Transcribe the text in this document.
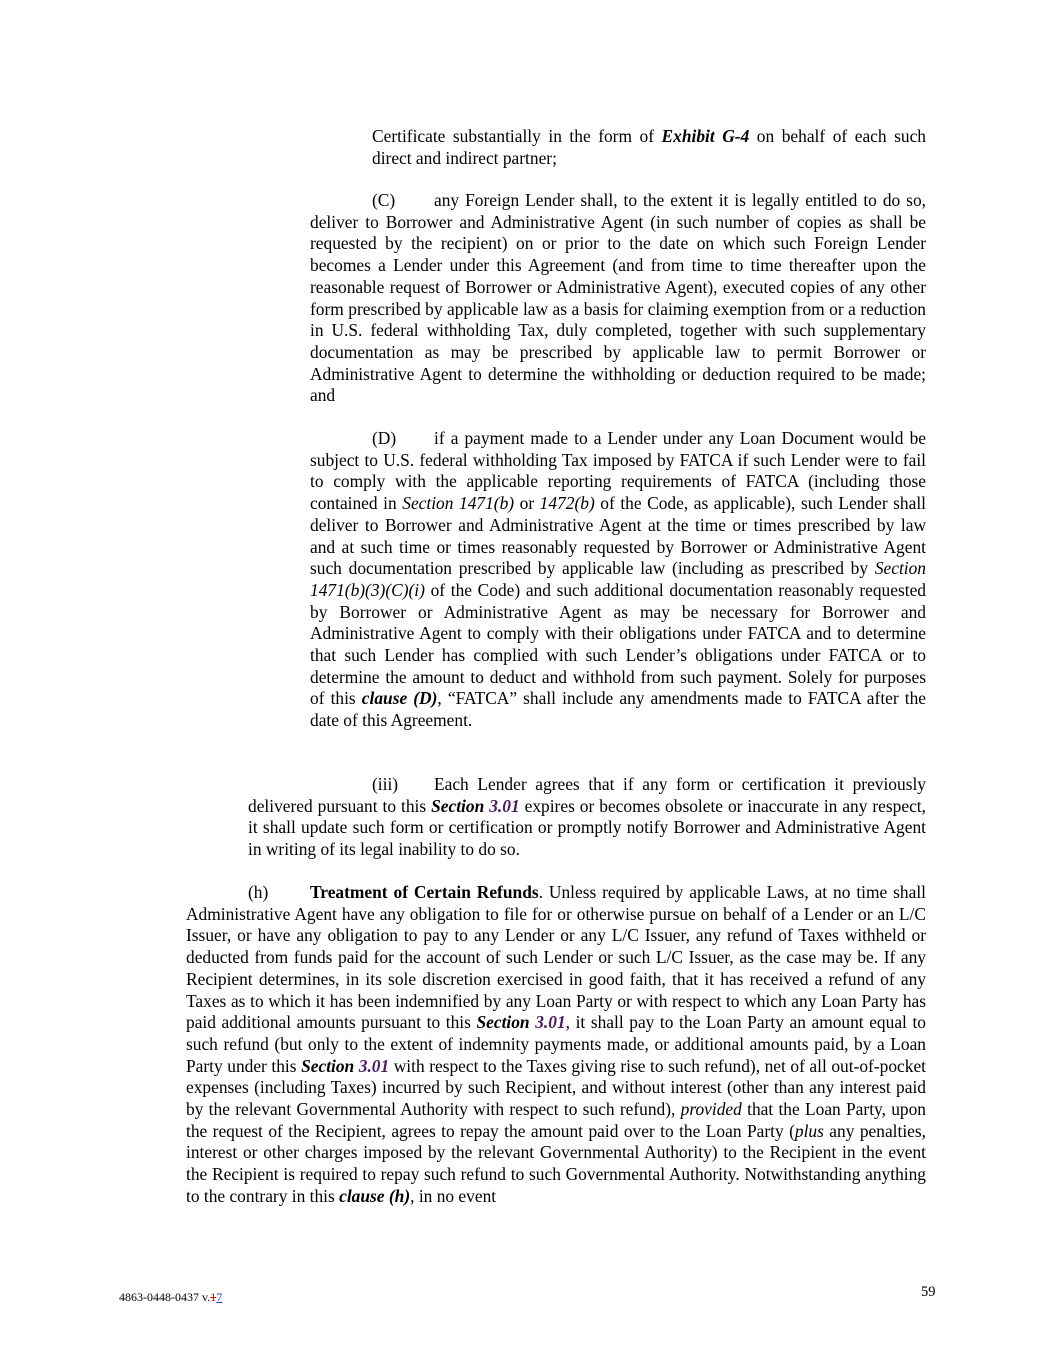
Certificate substantially in the form of Exhibit G-4 on behalf of each such direct and indirect partner;

(C) any Foreign Lender shall, to the extent it is legally entitled to do so, deliver to Borrower and Administrative Agent (in such number of copies as shall be requested by the recipient) on or prior to the date on which such Foreign Lender becomes a Lender under this Agreement (and from time to time thereafter upon the reasonable request of Borrower or Administrative Agent), executed copies of any other form prescribed by applicable law as a basis for claiming exemption from or a reduction in U.S. federal withholding Tax, duly completed, together with such supplementary documentation as may be prescribed by applicable law to permit Borrower or Administrative Agent to determine the withholding or deduction required to be made; and

(D) if a payment made to a Lender under any Loan Document would be subject to U.S. federal withholding Tax imposed by FATCA if such Lender were to fail to comply with the applicable reporting requirements of FATCA (including those contained in Section 1471(b) or 1472(b) of the Code, as applicable), such Lender shall deliver to Borrower and Administrative Agent at the time or times prescribed by law and at such time or times reasonably requested by Borrower or Administrative Agent such documentation prescribed by applicable law (including as prescribed by Section 1471(b)(3)(C)(i) of the Code) and such additional documentation reasonably requested by Borrower or Administrative Agent as may be necessary for Borrower and Administrative Agent to comply with their obligations under FATCA and to determine that such Lender has complied with such Lender’s obligations under FATCA or to determine the amount to deduct and withhold from such payment. Solely for purposes of this clause (D), “FATCA” shall include any amendments made to FATCA after the date of this Agreement.

(iii) Each Lender agrees that if any form or certification it previously delivered pursuant to this Section 3.01 expires or becomes obsolete or inaccurate in any respect, it shall update such form or certification or promptly notify Borrower and Administrative Agent in writing of its legal inability to do so.

(h) Treatment of Certain Refunds. Unless required by applicable Laws, at no time shall Administrative Agent have any obligation to file for or otherwise pursue on behalf of a Lender or an L/C Issuer, or have any obligation to pay to any Lender or any L/C Issuer, any refund of Taxes withheld or deducted from funds paid for the account of such Lender or such L/C Issuer, as the case may be. If any Recipient determines, in its sole discretion exercised in good faith, that it has received a refund of any Taxes as to which it has been indemnified by any Loan Party or with respect to which any Loan Party has paid additional amounts pursuant to this Section 3.01, it shall pay to the Loan Party an amount equal to such refund (but only to the extent of indemnity payments made, or additional amounts paid, by a Loan Party under this Section 3.01 with respect to the Taxes giving rise to such refund), net of all out-of-pocket expenses (including Taxes) incurred by such Recipient, and without interest (other than any interest paid by the relevant Governmental Authority with respect to such refund), provided that the Loan Party, upon the request of the Recipient, agrees to repay the amount paid over to the Loan Party (plus any penalties, interest or other charges imposed by the relevant Governmental Authority) to the Recipient in the event the Recipient is required to repay such refund to such Governmental Authority. Notwithstanding anything to the contrary in this clause (h), in no event

4863-0448-0437 v.17	59
